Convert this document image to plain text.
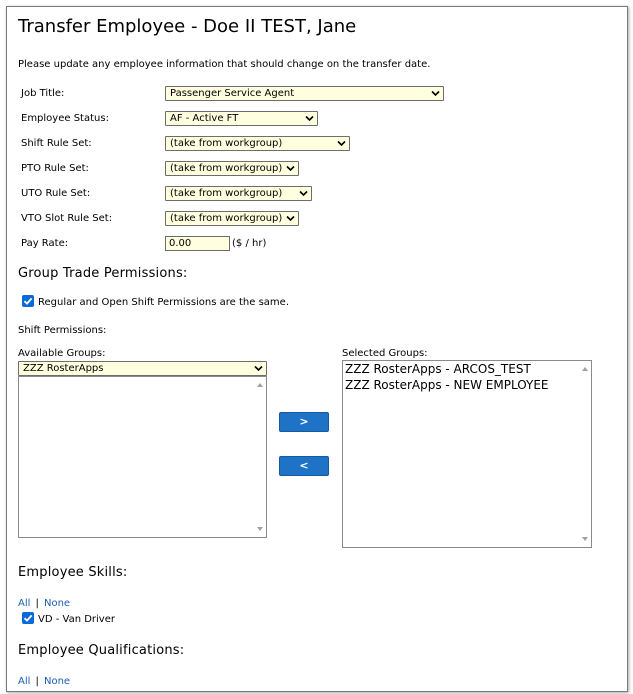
Transfer Employee - Doe II TEST, Jane
Please update any employee information that should change on the transfer date.
Job Title:	Passenger Service Agent
Employee Status:	AF - Active FT
Shift Rule Set:	(take from workgroup)
PTO Rule Set:	(take from workgroup)
UTO Rule Set:	(take from workgroup)
VTO Slot Rule Set:	(take from workgroup)
Pay Rate:	0.00	($ / hr)
Group Trade Permissions:
Regular and Open Shift Permissions are the same.
Shift Permissions:
Available Groups:
ZZZ RosterApps
>
<
Selected Groups:
ZZZ RosterApps - ARCOS_TEST
ZZZ RosterApps - NEW EMPLOYEE
Employee Skills:
All | None
VD - Van Driver
Employee Qualifications:
All | None
